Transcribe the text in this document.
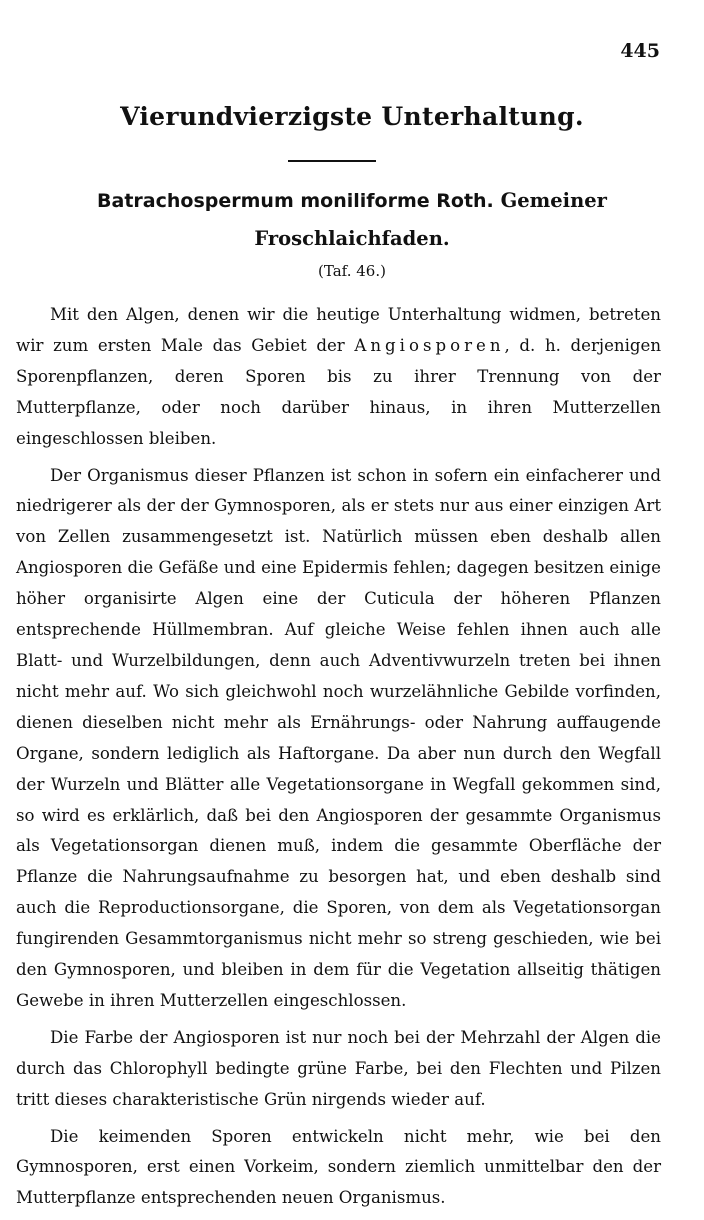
445
Vierundvierzigste Unterhaltung.
Batrachospermum moniliforme Roth. Gemeiner Froschlaichfaden.
(Taf. 46.)

Mit den Algen, denen wir die heutige Unterhaltung widmen, betreten wir zum ersten Male das Gebiet der Angiosporen, d. h. derjenigen Sporenpflanzen, deren Sporen bis zu ihrer Trennung von der Mutterpflanze, oder noch darüber hinaus, in ihren Mutterzellen eingeschlossen bleiben.

Der Organismus dieser Pflanzen ist schon in sofern ein einfacherer und niedrigerer als der der Gymnosporen, als er stets nur aus einer einzigen Art von Zellen zusammengesetzt ist. Natürlich müssen eben deshalb allen Angiosporen die Gefäße und eine Epidermis fehlen; dagegen besitzen einige höher organisirte Algen eine der Cuticula der höheren Pflanzen entsprechende Hüllmembran. Auf gleiche Weise fehlen ihnen auch alle Blatt- und Wurzelbildungen, denn auch Adventivwurzeln treten bei ihnen nicht mehr auf. Wo sich gleichwohl noch wurzelähnliche Gebilde vorfinden, dienen dieselben nicht mehr als Ernährungs- oder Nahrung auffaugende Organe, sondern lediglich als Haftorgane. Da aber nun durch den Wegfall der Wurzeln und Blätter alle Vegetationsorgane in Wegfall gekommen sind, so wird es erklärlich, daß bei den Angiosporen der gesammte Organismus als Vegetationsorgan dienen muß, indem die gesammte Oberfläche der Pflanze die Nahrungsaufnahme zu besorgen hat, und eben deshalb sind auch die Reproductionsorgane, die Sporen, von dem als Vegetationsorgan fungirenden Gesammtorganismus nicht mehr so streng geschieden, wie bei den Gymnosporen, und bleiben in dem für die Vegetation allseitig thätigen Gewebe in ihren Mutterzellen eingeschlossen.

Die Farbe der Angiosporen ist nur noch bei der Mehrzahl der Algen die durch das Chlorophyll bedingte grüne Farbe, bei den Flechten und Pilzen tritt dieses charakteristische Grün nirgends wieder auf.

Die keimenden Sporen entwickeln nicht mehr, wie bei den Gymnosporen, erst einen Vorkeim, sondern ziemlich unmittelbar den der Mutterpflanze entsprechenden neuen Organismus.
